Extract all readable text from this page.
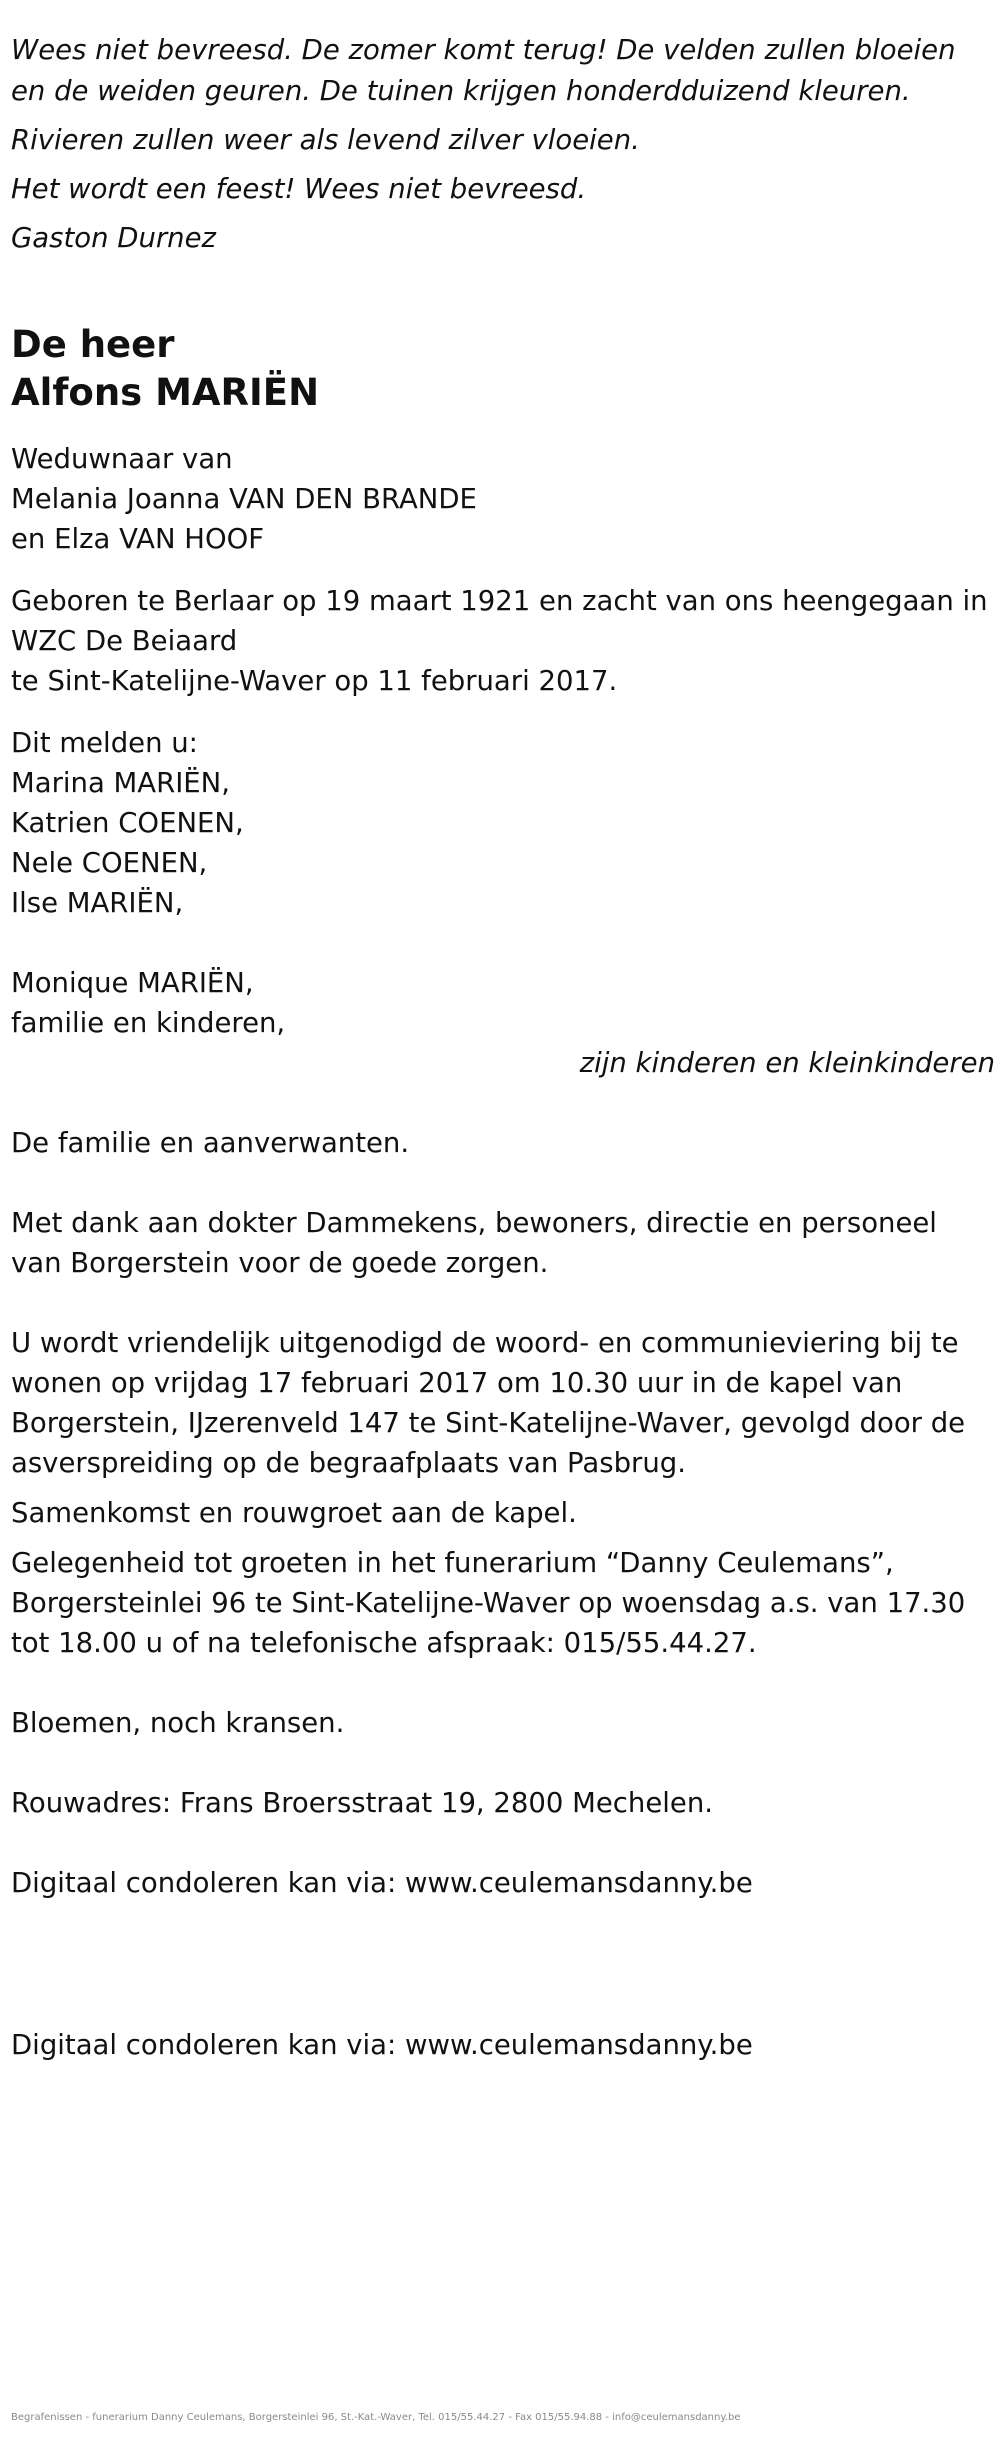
Wees niet bevreesd. De zomer komt terug! De velden zullen bloeien en de weiden geuren. De tuinen krijgen honderdduizend kleuren.

Rivieren zullen weer als levend zilver vloeien.

Het wordt een feest! Wees niet bevreesd.

Gaston Durnez

De heer

Alfons MARIËN

Weduwnaar van

Melania Joanna VAN DEN BRANDE

en Elza VAN HOOF

Geboren te Berlaar op 19 maart 1921 en zacht van ons heengegaan in WZC De Beiaard

te Sint-Katelijne-Waver op 11 februari 2017.

Dit melden u:

Marina MARIËN,

Katrien COENEN,

Nele COENEN,

Ilse MARIËN,

Monique MARIËN,

familie en kinderen,

zijn kinderen en kleinkinderen

De familie en aanverwanten.

Met dank aan dokter Dammekens, bewoners, directie en personeel van Borgerstein voor de goede zorgen.

U wordt vriendelijk uitgenodigd de woord- en communieviering bij te wonen op vrijdag 17 februari 2017 om 10.30 uur in de kapel van Borgerstein, IJzerenveld 147 te Sint-Katelijne-Waver, gevolgd door de asverspreiding op de begraafplaats van Pasbrug.

Samenkomst en rouwgroet aan de kapel.

Gelegenheid tot groeten in het funerarium “Danny Ceulemans”, Borgersteinlei 96 te Sint-Katelijne-Waver op woensdag a.s. van 17.30 tot 18.00 u of na telefonische afspraak: 015/55.44.27.

Bloemen, noch kransen.

Rouwadres: Frans Broersstraat 19, 2800 Mechelen.

Digitaal condoleren kan via: www.ceulemansdanny.be

Digitaal condoleren kan via: www.ceulemansdanny.be

Begrafenissen - funerarium Danny Ceulemans, Borgersteinlei 96, St.-Kat.-Waver, Tel. 015/55.44.27 - Fax 015/55.94.88 - info@ceulemansdanny.be
